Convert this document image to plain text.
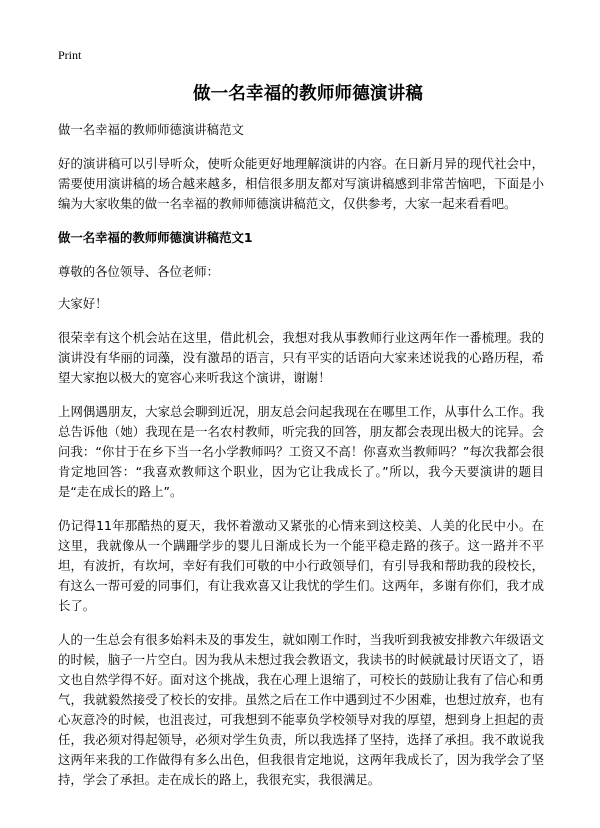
Print
做一名幸福的教师师德演讲稿

做一名幸福的教师师德演讲稿范文

好的演讲稿可以引导听众，使听众能更好地理解演讲的内容。在日新月异的现代社会中，需要使用演讲稿的场合越来越多，相信很多朋友都对写演讲稿感到非常苦恼吧，下面是小编为大家收集的做一名幸福的教师师德演讲稿范文，仅供参考，大家一起来看看吧。

做一名幸福的教师师德演讲稿范文1

尊敬的各位领导、各位老师：

大家好！

很荣幸有这个机会站在这里，借此机会，我想对我从事教师行业这两年作一番梳理。我的演讲没有华丽的词藻，没有激昂的语言，只有平实的话语向大家来述说我的心路历程，希望大家抱以极大的宽容心来听我这个演讲，谢谢！

上网偶遇朋友，大家总会聊到近况，朋友总会问起我现在在哪里工作，从事什么工作。我总告诉他（她）我现在是一名农村教师，听完我的回答，朋友都会表现出极大的诧异。会问我：“你甘于在乡下当一名小学教师吗？工资又不高！你喜欢当教师吗？”每次我都会很肯定地回答：“我喜欢教师这个职业，因为它让我成长了。”所以，我今天要演讲的题目是“走在成长的路上”。

仍记得11年那酷热的夏天，我怀着激动又紧张的心情来到这校美、人美的化民中小。在这里，我就像从一个蹒跚学步的婴儿日渐成长为一个能平稳走路的孩子。这一路并不平坦，有波折，有坎坷，幸好有我们可敬的中小行政领导们，有引导我和帮助我的段校长，有这么一帮可爱的同事们，有让我欢喜又让我忧的学生们。这两年，多谢有你们，我才成长了。

人的一生总会有很多始料未及的事发生，就如刚工作时，当我听到我被安排教六年级语文的时候，脑子一片空白。因为我从未想过我会教语文，我读书的时候就最讨厌语文了，语文也自然学得不好。面对这个挑战，我在心理上退缩了，可校长的鼓励让我有了信心和勇气，我就毅然接受了校长的安排。虽然之后在工作中遇到过不少困难，也想过放弃，也有心灰意冷的时候，也沮丧过，可我想到不能辜负学校领导对我的厚望，想到身上担起的责任，我必须对得起领导，必须对学生负责，所以我选择了坚持，选择了承担。我不敢说我这两年来我的工作做得有多么出色，但我很肯定地说，这两年我成长了，因为我学会了坚持，学会了承担。走在成长的路上，我很充实，我很满足。
